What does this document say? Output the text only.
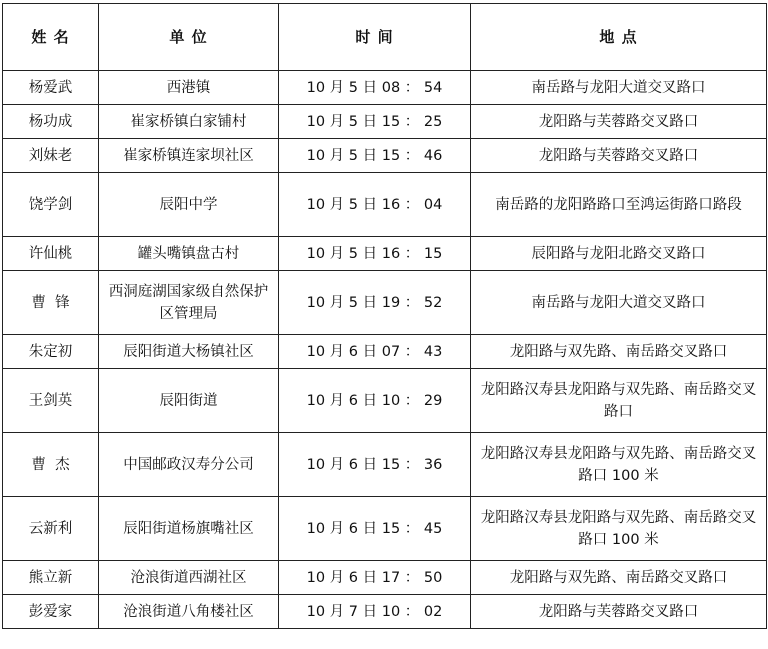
姓 名	单 位	时 间	地 点
杨爱武	西港镇	10 月 5 日 08 ： 54	南岳路与龙阳大道交叉路口
杨功成	崔家桥镇白家铺村	10 月 5 日 15 ： 25	龙阳路与芙蓉路交叉路口
刘妹老	崔家桥镇连家坝社区	10 月 5 日 15 ： 46	龙阳路与芙蓉路交叉路口
饶学剑	辰阳中学	10 月 5 日 16 ： 04	南岳路的龙阳路路口至鸿运街路口路段
许仙桃	罐头嘴镇盘古村	10 月 5 日 16 ： 15	辰阳路与龙阳北路交叉路口
曹  锋	西洞庭湖国家级自然保护区管理局	10 月 5 日 19 ： 52	南岳路与龙阳大道交叉路口
朱定初	辰阳街道大杨镇社区	10 月 6 日 07 ： 43	龙阳路与双先路、南岳路交叉路口
王剑英	辰阳街道	10 月 6 日 10 ： 29	龙阳路汉寿县龙阳路与双先路、南岳路交叉路口
曹  杰	中国邮政汉寿分公司	10 月 6 日 15 ： 36	龙阳路汉寿县龙阳路与双先路、南岳路交叉路口 100 米
云新利	辰阳街道杨旗嘴社区	10 月 6 日 15 ： 45	龙阳路汉寿县龙阳路与双先路、南岳路交叉路口 100 米
熊立新	沧浪街道西湖社区	10 月 6 日 17 ： 50	龙阳路与双先路、南岳路交叉路口
彭爱家	沧浪街道八角楼社区	10 月 7 日 10 ： 02	龙阳路与芙蓉路交叉路口
